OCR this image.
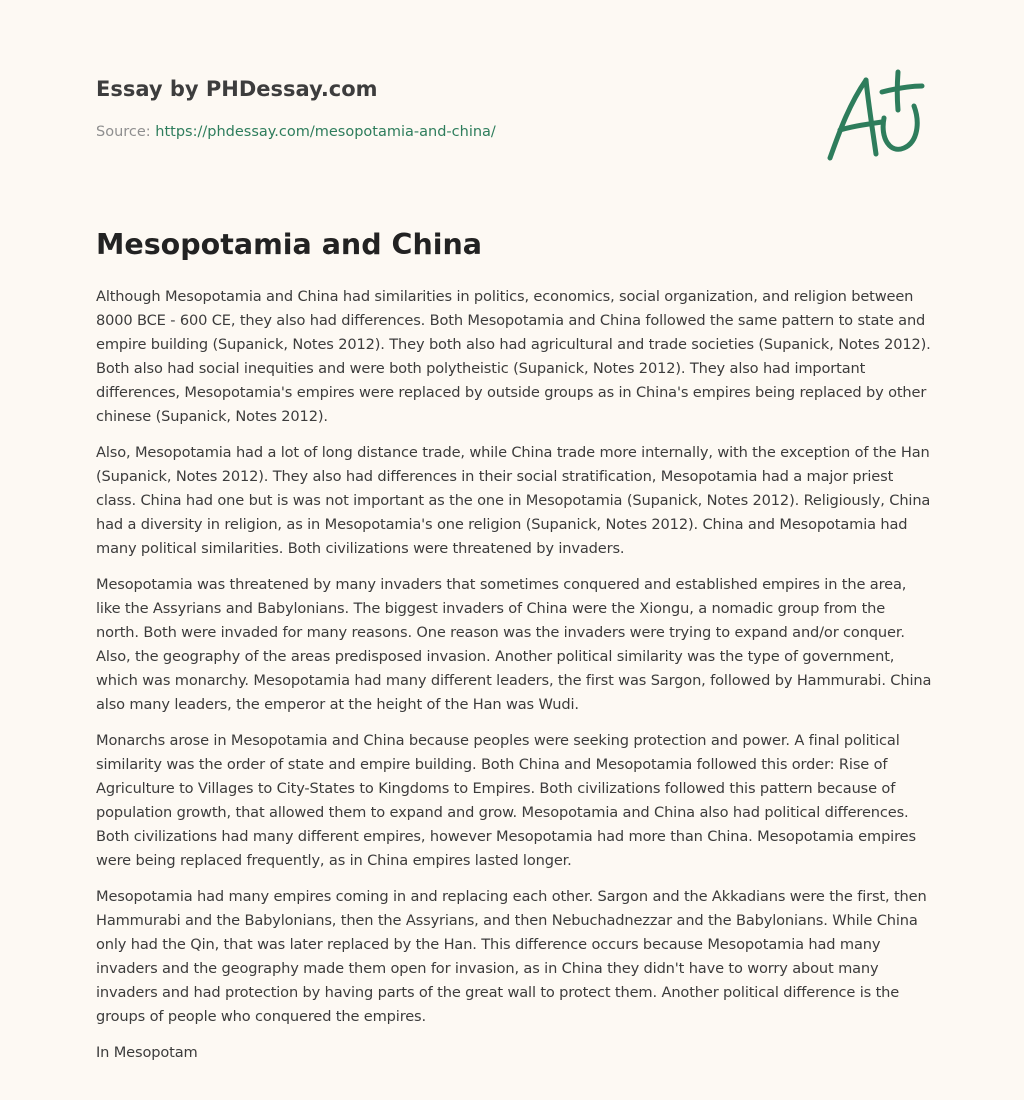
Essay by PHDessay.com
Source: https://phdessay.com/mesopotamia-and-china/
Mesopotamia and China

Although Mesopotamia and China had similarities in politics, economics, social organization, and religion between 8000 BCE - 600 CE, they also had differences. Both Mesopotamia and China followed the same pattern to state and empire building (Supanick, Notes 2012). They both also had agricultural and trade societies (Supanick, Notes 2012). Both also had social inequities and were both polytheistic (Supanick, Notes 2012). They also had important differences, Mesopotamia's empires were replaced by outside groups as in China's empires being replaced by other chinese (Supanick, Notes 2012).

Also, Mesopotamia had a lot of long distance trade, while China trade more internally, with the exception of the Han (Supanick, Notes 2012). They also had differences in their social stratification, Mesopotamia had a major priest class. China had one but is was not important as the one in Mesopotamia (Supanick, Notes 2012). Religiously, China had a diversity in religion, as in Mesopotamia's one religion (Supanick, Notes 2012). China and Mesopotamia had many political similarities. Both civilizations were threatened by invaders.

Mesopotamia was threatened by many invaders that sometimes conquered and established empires in the area, like the Assyrians and Babylonians. The biggest invaders of China were the Xiongu, a nomadic group from the north. Both were invaded for many reasons. One reason was the invaders were trying to expand and/or conquer. Also, the geography of the areas predisposed invasion. Another political similarity was the type of government, which was monarchy. Mesopotamia had many different leaders, the first was Sargon, followed by Hammurabi. China also many leaders, the emperor at the height of the Han was Wudi.

Monarchs arose in Mesopotamia and China because peoples were seeking protection and power. A final political similarity was the order of state and empire building. Both China and Mesopotamia followed this order: Rise of Agriculture to Villages to City-States to Kingdoms to Empires. Both civilizations followed this pattern because of population growth, that allowed them to expand and grow. Mesopotamia and China also had political differences. Both civilizations had many different empires, however Mesopotamia had more than China. Mesopotamia empires were being replaced frequently, as in China empires lasted longer.

Mesopotamia had many empires coming in and replacing each other. Sargon and the Akkadians were the first, then Hammurabi and the Babylonians, then the Assyrians, and then Nebuchadnezzar and the Babylonians. While China only had the Qin, that was later replaced by the Han. This difference occurs because Mesopotamia had many invaders and the geography made them open for invasion, as in China they didn't have to worry about many invaders and had protection by having parts of the great wall to protect them. Another political difference is the groups of people who conquered the empires.

In Mesopotam
